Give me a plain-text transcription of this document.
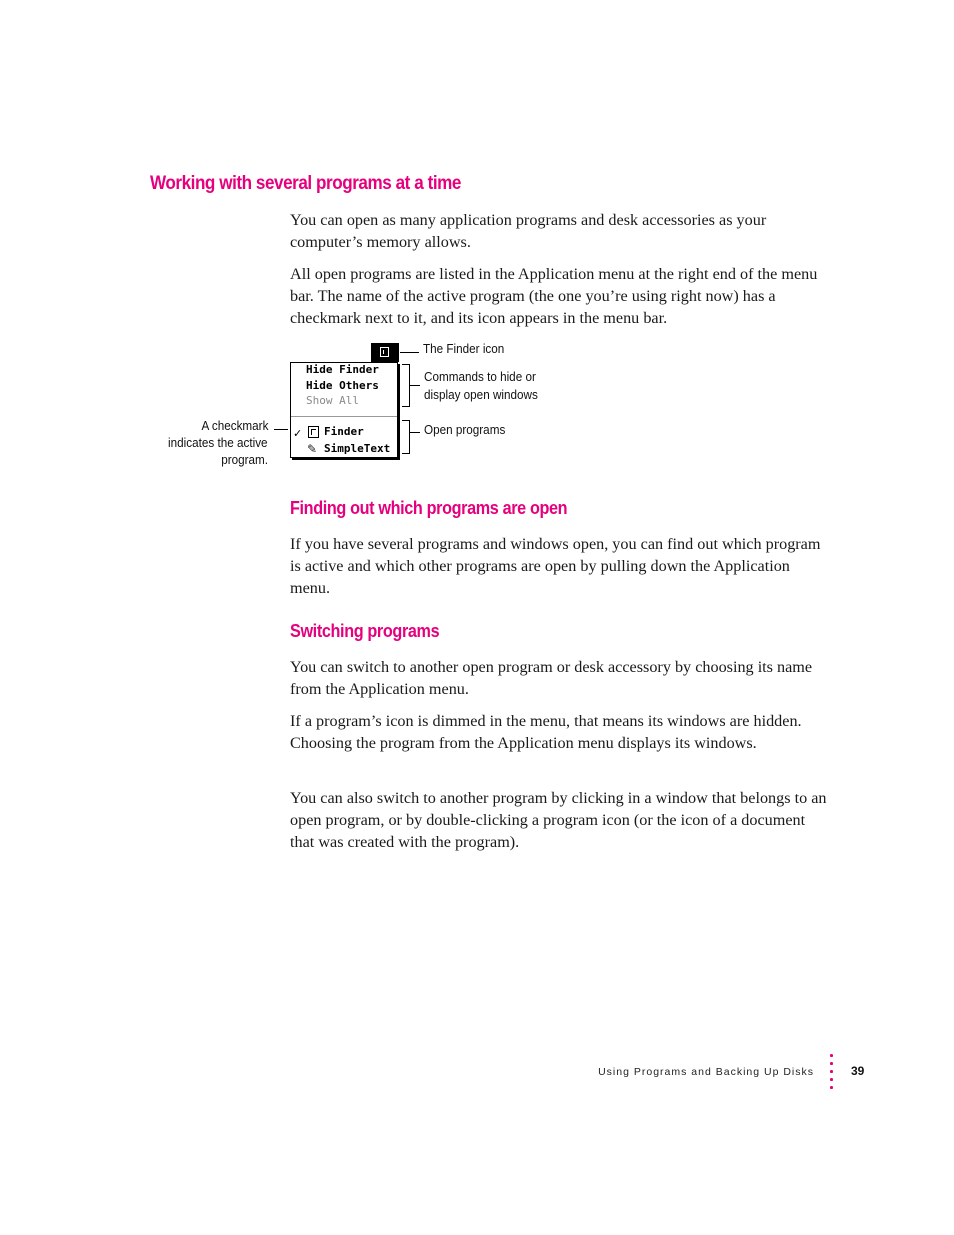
Working with several programs at a time

You can open as many application programs and desk accessories as your computer’s memory allows.

All open programs are listed in the Application menu at the right end of the menu bar. The name of the active program (the one you’re using right now) has a checkmark next to it, and its icon appears in the menu bar.

The Finder icon
Hide Finder
Hide Others
Show All
✓ Finder
✎ SimpleText
Commands to hide or
display open windows
Open programs
A checkmark
indicates the active
program.
Finding out which programs are open

If you have several programs and windows open, you can find out which program is active and which other programs are open by pulling down the Application menu.

Switching programs

You can switch to another open program or desk accessory by choosing its name from the Application menu.

If a program’s icon is dimmed in the menu, that means its windows are hidden. Choosing the program from the Application menu displays its windows.

You can also switch to another program by clicking in a window that belongs to an open program, or by double-clicking a program icon (or the icon of a document that was created with the program).

Using Programs and Backing Up Disks	39
